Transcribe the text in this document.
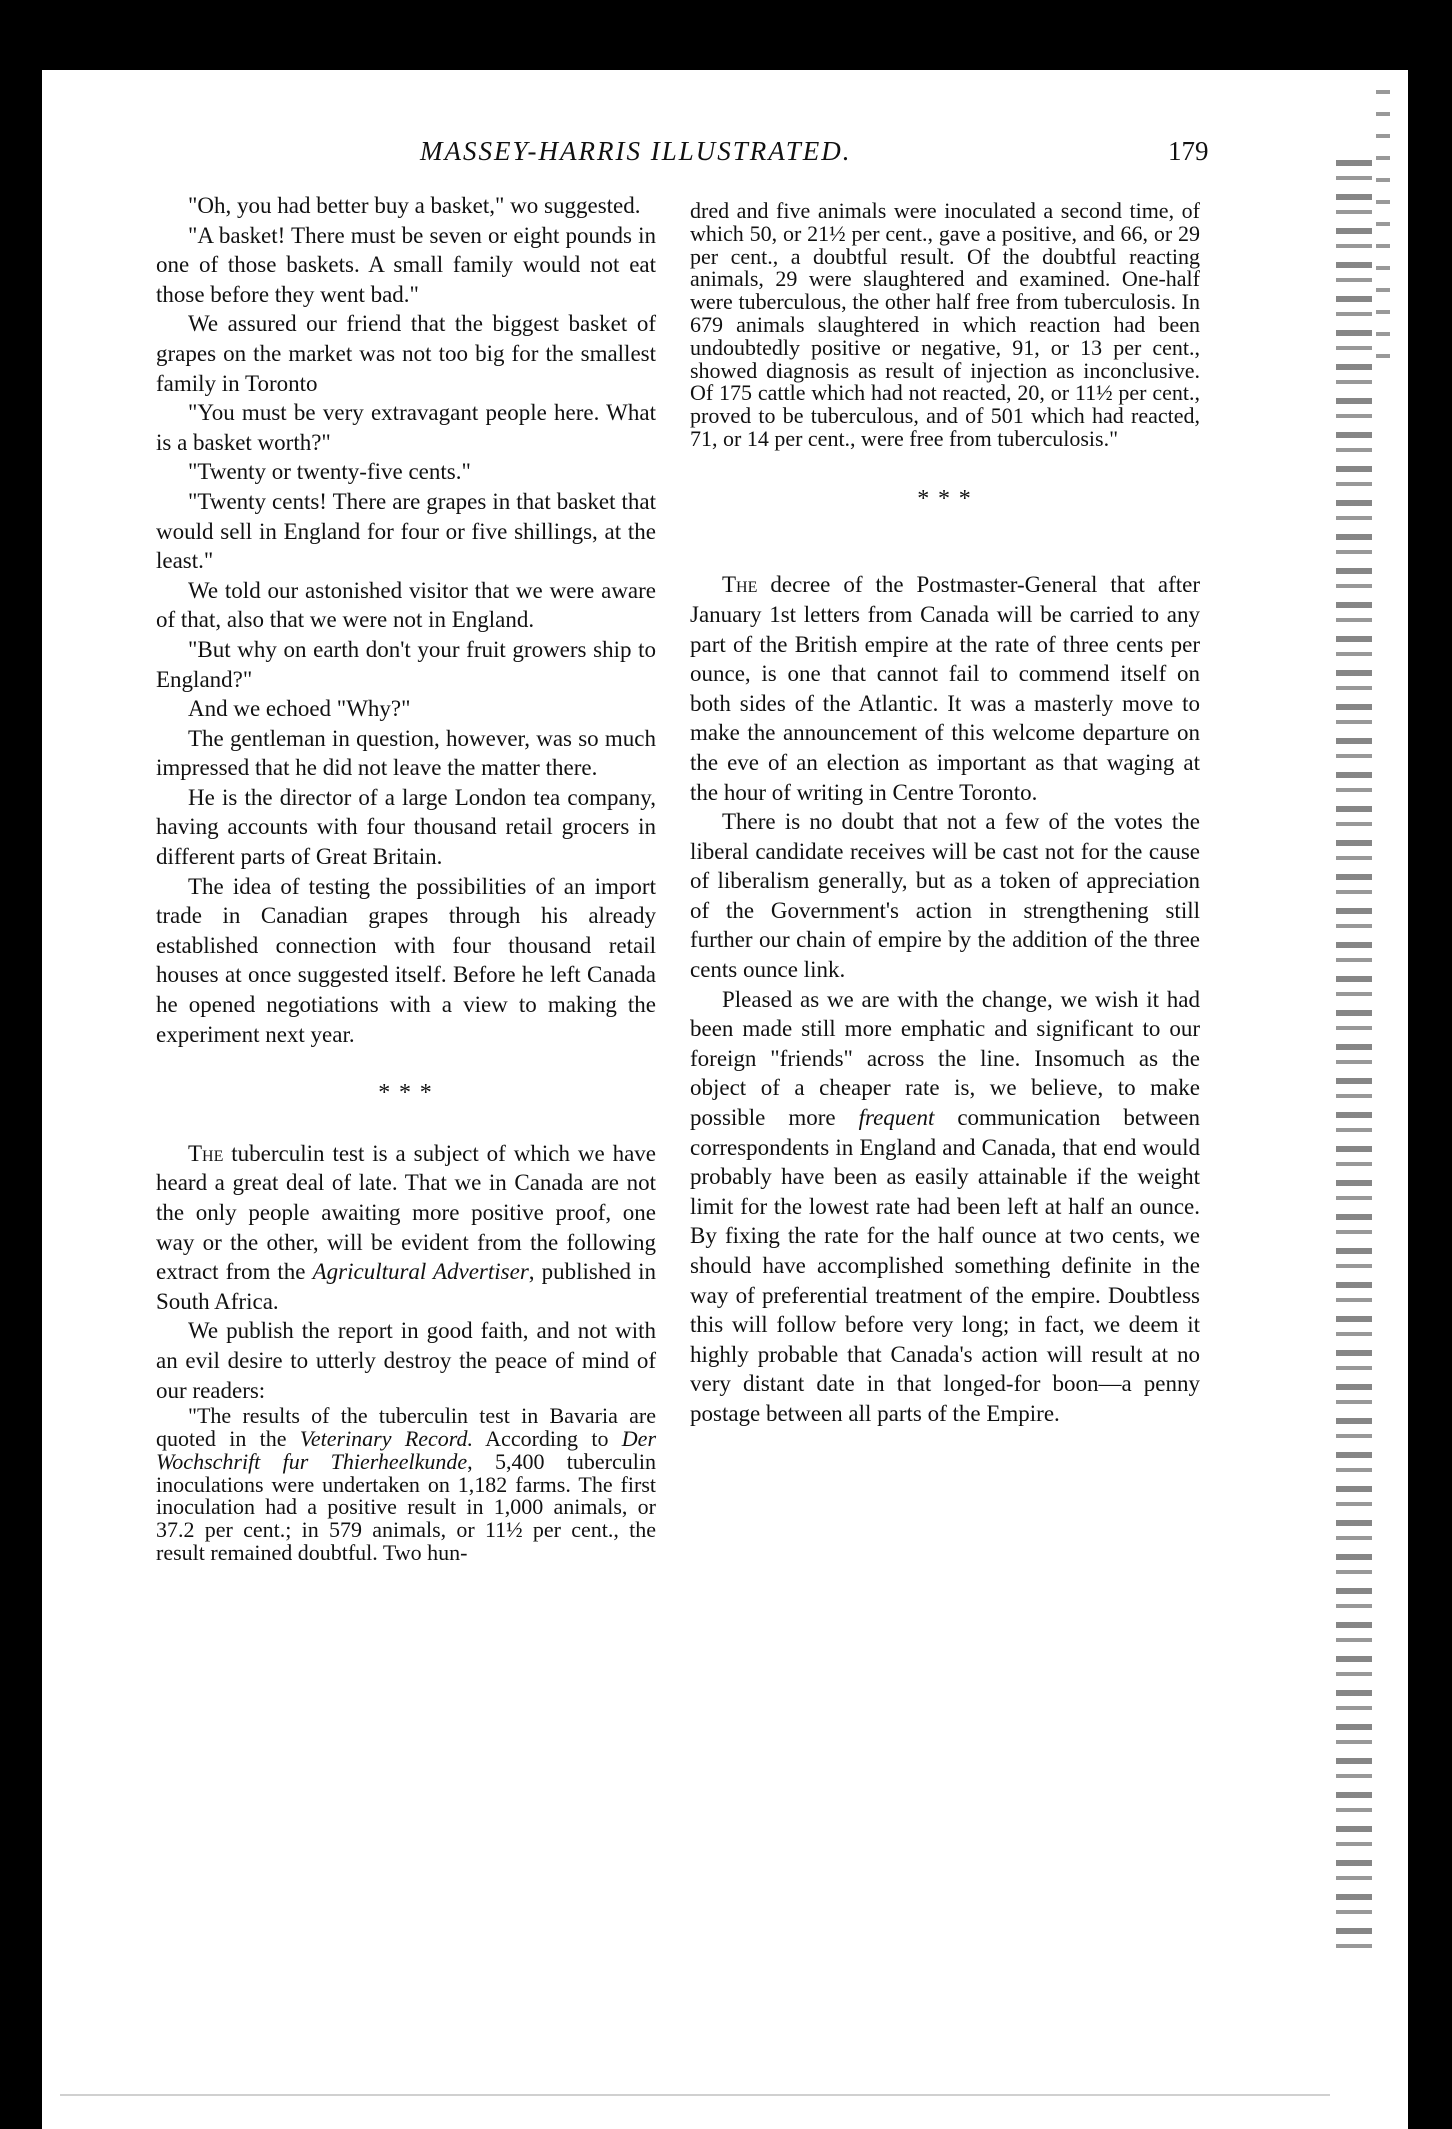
MASSEY-HARRIS ILLUSTRATED.	179

"Oh, you had better buy a basket," wo suggested.

"A basket! There must be seven or eight pounds in one of those baskets. A small family would not eat those before they went bad."

We assured our friend that the biggest basket of grapes on the market was not too big for the smallest family in Toronto

"You must be very extravagant people here. What is a basket worth?"

"Twenty or twenty-five cents."

"Twenty cents! There are grapes in that basket that would sell in England for four or five shillings, at the least."

We told our astonished visitor that we were aware of that, also that we were not in England.

"But why on earth don't your fruit growers ship to England?"

And we echoed "Why?"

The gentleman in question, however, was so much impressed that he did not leave the matter there.

He is the director of a large London tea company, having accounts with four thousand retail grocers in different parts of Great Britain.

The idea of testing the possibilities of an import trade in Canadian grapes through his already established connection with four thousand retail houses at once suggested itself. Before he left Canada he opened negotiations with a view to making the experiment next year.

* * *

The tuberculin test is a subject of which we have heard a great deal of late. That we in Canada are not the only people awaiting more positive proof, one way or the other, will be evident from the following extract from the Agricultural Advertiser, published in South Africa.

We publish the report in good faith, and not with an evil desire to utterly destroy the peace of mind of our readers:

"The results of the tuberculin test in Bavaria are quoted in the Veterinary Record. According to Der Wochschrift fur Thierheelkunde, 5,400 tuberculin inoculations were undertaken on 1,182 farms. The first inoculation had a positive result in 1,000 animals, or 37.2 per cent.; in 579 animals, or 11½ per cent., the result remained doubtful. Two hun-

dred and five animals were inoculated a second time, of which 50, or 21½ per cent., gave a positive, and 66, or 29 per cent., a doubtful result. Of the doubtful reacting animals, 29 were slaughtered and examined. One-half were tuberculous, the other half free from tuberculosis. In 679 animals slaughtered in which reaction had been undoubtedly positive or negative, 91, or 13 per cent., showed diagnosis as result of injection as inconclusive. Of 175 cattle which had not reacted, 20, or 11½ per cent., proved to be tuberculous, and of 501 which had reacted, 71, or 14 per cent., were free from tuberculosis."

* * *

The decree of the Postmaster-General that after January 1st letters from Canada will be carried to any part of the British empire at the rate of three cents per ounce, is one that cannot fail to commend itself on both sides of the Atlantic. It was a masterly move to make the announcement of this welcome departure on the eve of an election as important as that waging at the hour of writing in Centre Toronto.

There is no doubt that not a few of the votes the liberal candidate receives will be cast not for the cause of liberalism generally, but as a token of appreciation of the Government's action in strengthening still further our chain of empire by the addition of the three cents ounce link.

Pleased as we are with the change, we wish it had been made still more emphatic and significant to our foreign "friends" across the line. Insomuch as the object of a cheaper rate is, we believe, to make possible more frequent communication between correspondents in England and Canada, that end would probably have been as easily attainable if the weight limit for the lowest rate had been left at half an ounce. By fixing the rate for the half ounce at two cents, we should have accomplished something definite in the way of preferential treatment of the empire. Doubtless this will follow before very long; in fact, we deem it highly probable that Canada's action will result at no very distant date in that longed-for boon—a penny postage between all parts of the Empire.
